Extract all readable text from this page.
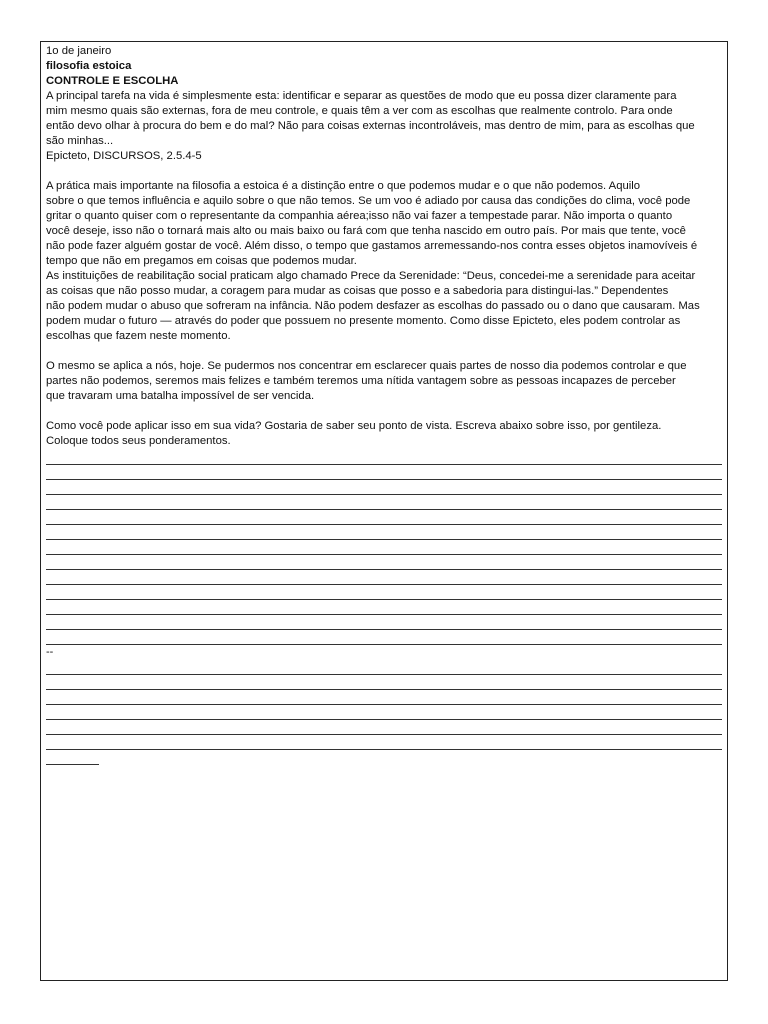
1o de janeiro
filosofia estoica
CONTROLE E ESCOLHA
A principal tarefa na vida é simplesmente esta: identificar e separar as questões de modo que eu possa dizer claramente para
mim mesmo quais são externas, fora de meu controle, e quais têm a ver com as escolhas que realmente controlo. Para onde
então devo olhar à procura do bem e do mal? Não para coisas externas incontroláveis, mas dentro de mim, para as escolhas que
são minhas...
Epicteto, DISCURSOS, 2.5.4-5
A prática mais importante na filosofia a estoica é a distinção entre o que podemos mudar e o que não podemos. Aquilo
sobre o que temos influência e aquilo sobre o que não temos. Se um voo é adiado por causa das condições do clima, você pode
gritar o quanto quiser com o representante da companhia aérea;isso não vai fazer a tempestade parar. Não importa o quanto
você deseje, isso não o tornará mais alto ou mais baixo ou fará com que tenha nascido em outro país. Por mais que tente, você
não pode fazer alguém gostar de você. Além disso, o tempo que gastamos arremessando-nos contra esses objetos inamovíveis é
tempo que não em pregamos em coisas que podemos mudar.
As instituições de reabilitação social praticam algo chamado Prece da Serenidade: “Deus, concedei-me a serenidade para aceitar
as coisas que não posso mudar, a coragem para mudar as coisas que posso e a sabedoria para distingui-las.” Dependentes
não podem mudar o abuso que sofreram na infância. Não podem desfazer as escolhas do passado ou o dano que causaram. Mas
podem mudar o futuro — através do poder que possuem no presente momento. Como disse Epicteto, eles podem controlar as
escolhas que fazem neste momento.
O mesmo se aplica a nós, hoje. Se pudermos nos concentrar em esclarecer quais partes de nosso dia podemos controlar e que
partes não podemos, seremos mais felizes e também teremos uma nítida vantagem sobre as pessoas incapazes de perceber
que travaram uma batalha impossível de ser vencida.
Como você pode aplicar isso em sua vida? Gostaria de saber seu ponto de vista. Escreva abaixo sobre isso, por gentileza.
Coloque todos seus ponderamentos.
--
